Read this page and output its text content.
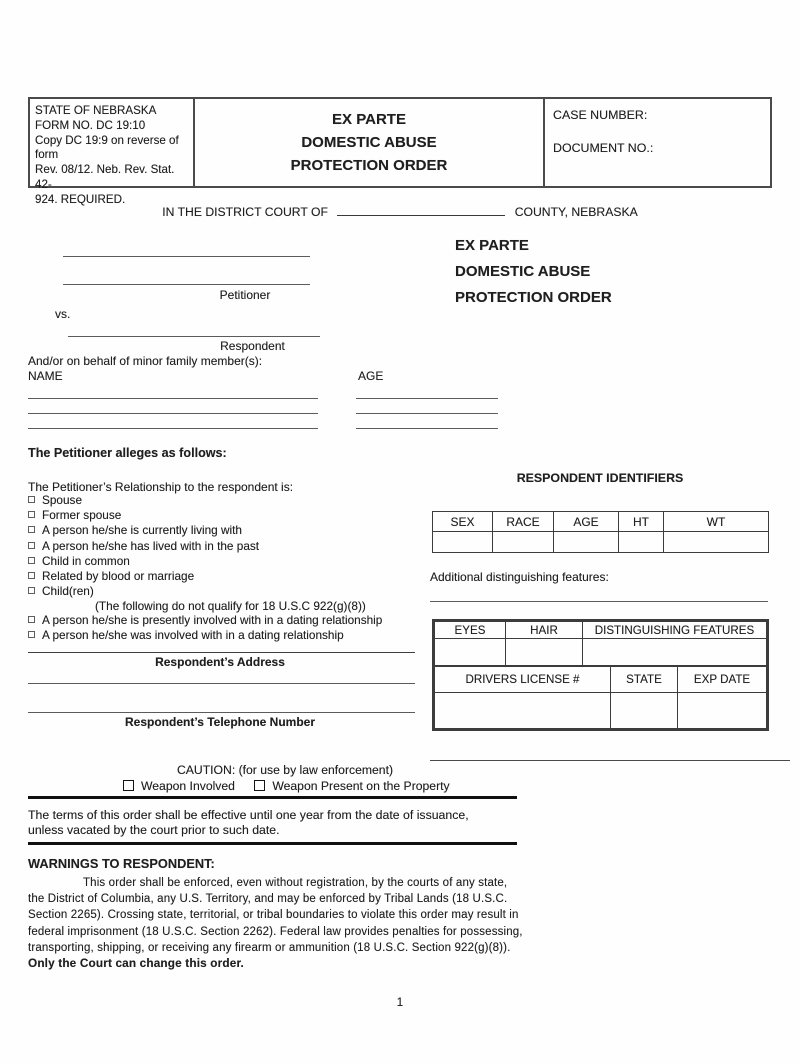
STATE OF NEBRASKA
FORM NO. DC 19:10
Copy DC 19:9 on reverse of form
Rev. 08/12. Neb. Rev. Stat. 42-
924. REQUIRED.
EX PARTE
DOMESTIC ABUSE
PROTECTION ORDER
CASE NUMBER:
DOCUMENT NO.:
IN THE DISTRICT COURT OF	COUNTY, NEBRASKA
Petitioner
vs.
EX PARTE
DOMESTIC ABUSE
PROTECTION ORDER
Respondent
And/or on behalf of minor family member(s):
NAME	AGE
The Petitioner alleges as follows:
The Petitioner’s Relationship to the respondent is:
Spouse
Former spouse
A person he/she is currently living with
A person he/she has lived with in the past
Child in common
Related by blood or marriage
Child(ren)
(The following do not qualify for 18 U.S.C 922(g)(8))
A person he/she is presently involved with in a dating relationship
A person he/she was involved with in a dating relationship
Respondent’s Address
Respondent’s Telephone Number
RESPONDENT IDENTIFIERS
SEX	RACE	AGE	HT	WT

Additional distinguishing features:
EYES	HAIR	DISTINGUISHING FEATURES

DRIVERS LICENSE #	STATE	EXP DATE

CAUTION: (for use by law enforcement)
Weapon Involved	Weapon Present on the Property
The terms of this order shall be effective until one year from the date of issuance,
unless vacated by the court prior to such date.
WARNINGS TO RESPONDENT:
This order shall be enforced, even without registration, by the courts of any state,
the District of Columbia, any U.S. Territory, and may be enforced by Tribal Lands (18 U.S.C.
Section 2265). Crossing state, territorial, or tribal boundaries to violate this order may result in
federal imprisonment (18 U.S.C. Section 2262). Federal law provides penalties for possessing,
transporting, shipping, or receiving any firearm or ammunition (18 U.S.C. Section 922(g)(8)).
Only the Court can change this order.
1
